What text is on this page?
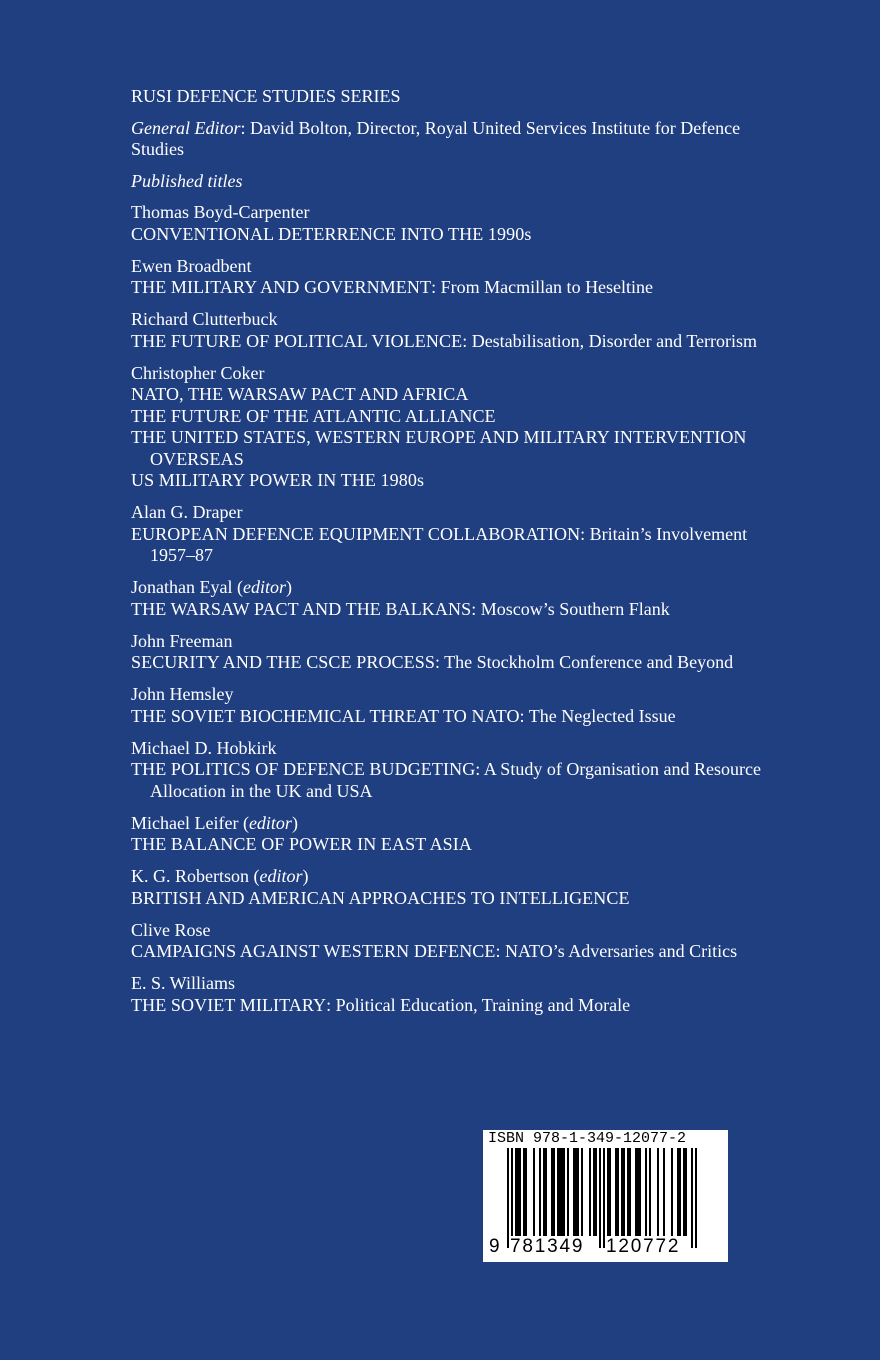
RUSI DEFENCE STUDIES SERIES
General Editor: David Bolton, Director, Royal United Services Institute for Defence Studies
Published titles
Thomas Boyd-Carpenter
CONVENTIONAL DETERRENCE INTO THE 1990s
Ewen Broadbent
THE MILITARY AND GOVERNMENT: From Macmillan to Heseltine
Richard Clutterbuck
THE FUTURE OF POLITICAL VIOLENCE: Destabilisation, Disorder and Terrorism
Christopher Coker
NATO, THE WARSAW PACT AND AFRICA
THE FUTURE OF THE ATLANTIC ALLIANCE
THE UNITED STATES, WESTERN EUROPE AND MILITARY INTERVENTION OVERSEAS
US MILITARY POWER IN THE 1980s
Alan G. Draper
EUROPEAN DEFENCE EQUIPMENT COLLABORATION: Britain’s Involvement 1957–87
Jonathan Eyal (editor)
THE WARSAW PACT AND THE BALKANS: Moscow’s Southern Flank
John Freeman
SECURITY AND THE CSCE PROCESS: The Stockholm Conference and Beyond
John Hemsley
THE SOVIET BIOCHEMICAL THREAT TO NATO: The Neglected Issue
Michael D. Hobkirk
THE POLITICS OF DEFENCE BUDGETING: A Study of Organisation and Resource Allocation in the UK and USA
Michael Leifer (editor)
THE BALANCE OF POWER IN EAST ASIA
K. G. Robertson (editor)
BRITISH AND AMERICAN APPROACHES TO INTELLIGENCE
Clive Rose
CAMPAIGNS AGAINST WESTERN DEFENCE: NATO’s Adversaries and Critics
E. S. Williams
THE SOVIET MILITARY: Political Education, Training and Morale
ISBN 978-1-349-12077-2
9 781349 120772
